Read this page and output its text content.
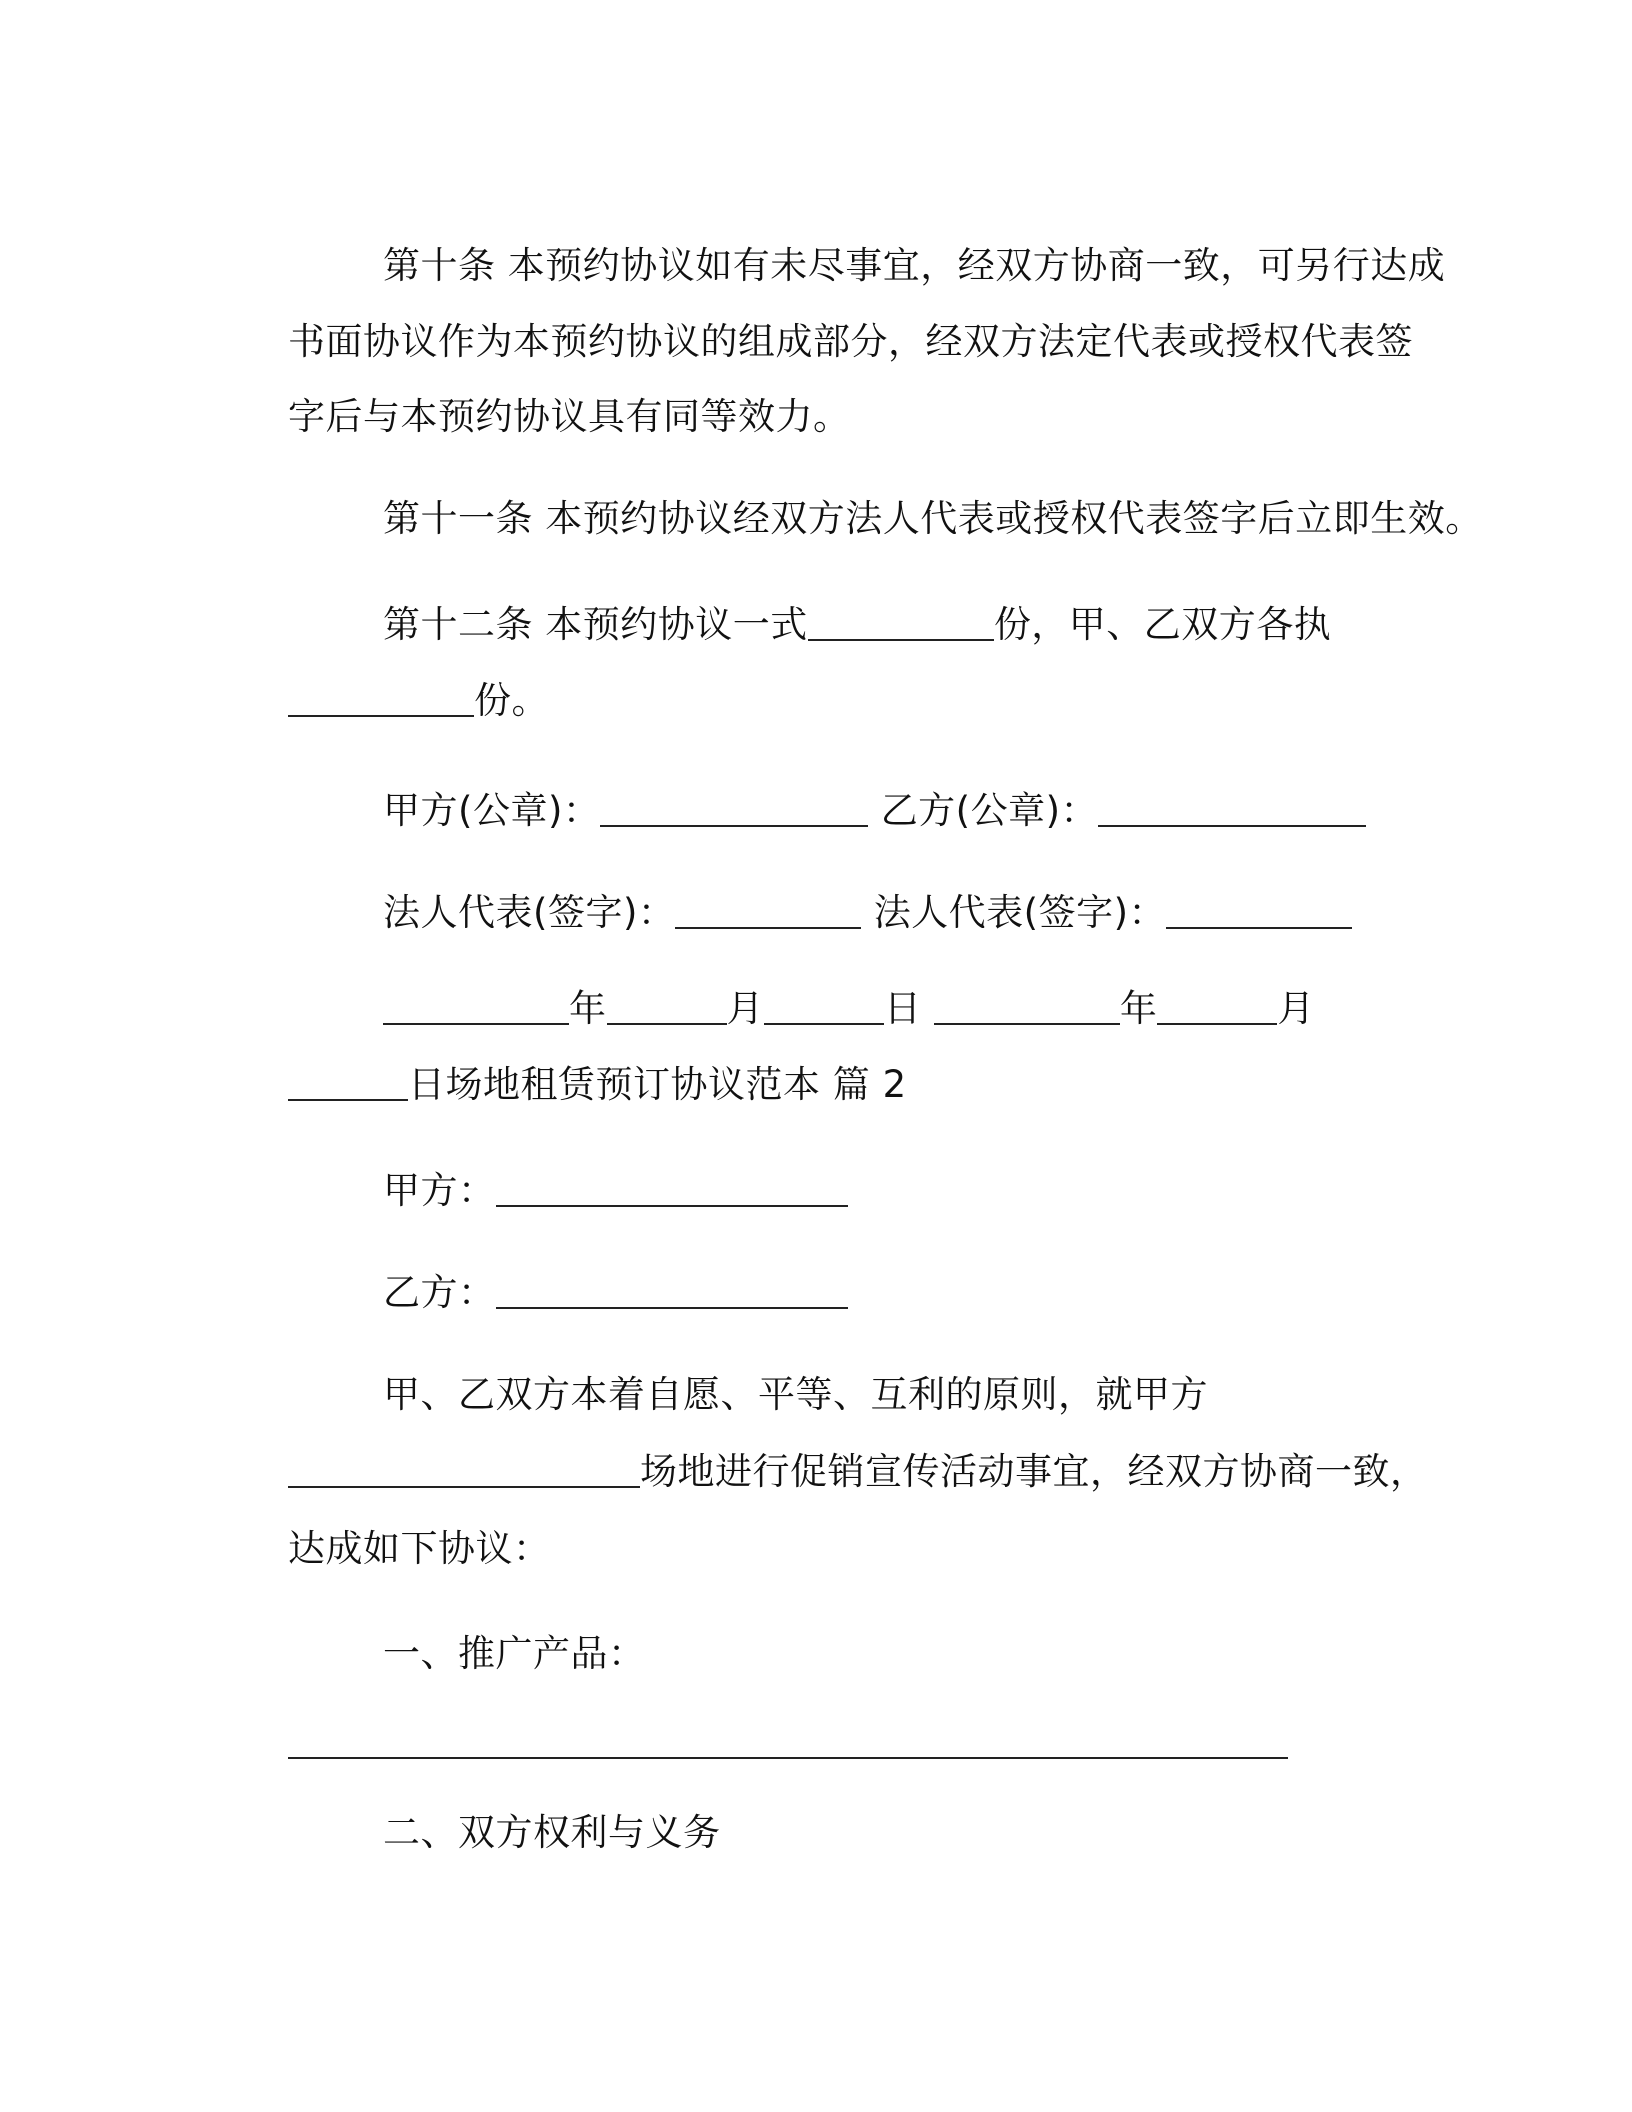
第十条 本预约协议如有未尽事宜，经双方协商一致，可另行达成

书面协议作为本预约协议的组成部分，经双方法定代表或授权代表签

字后与本预约协议具有同等效力。

第十一条 本预约协议经双方法人代表或授权代表签字后立即生效。

第十二条 本预约协议一式	份，甲、乙双方各执

份。

甲方(公章)：	乙方(公章)：

法人代表(签字)：	法人代表(签字)：

年	月	日	年	月

日场地租赁预订协议范本 篇 2

甲方：

乙方：

甲、乙双方本着自愿、平等、互利的原则，就甲方

场地进行促销宣传活动事宜，经双方协商一致，

达成如下协议：

一、推广产品：

二、双方权利与义务
